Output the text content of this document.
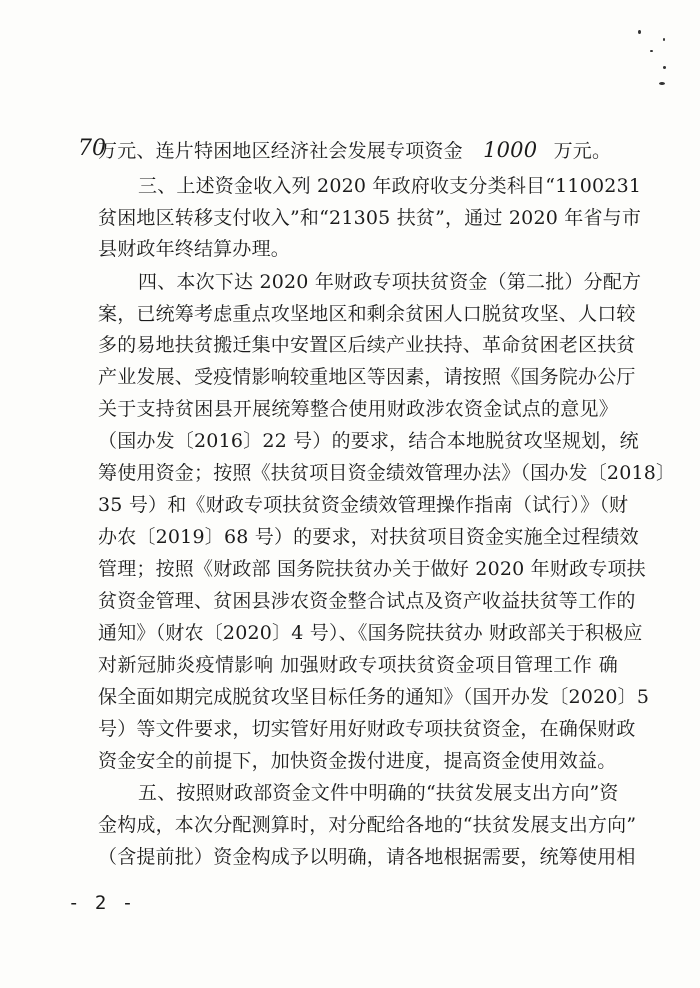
70
万元、连片特困地区经济社会发展专项资金 1000 万元。
三、上述资金收入列 2020 年政府收支分类科目“1100231
贫困地区转移支付收入”和“21305 扶贫”，通过 2020 年省与市
县财政年终结算办理。
四、本次下达 2020 年财政专项扶贫资金（第二批）分配方
案，已统筹考虑重点攻坚地区和剩余贫困人口脱贫攻坚、人口较
多的易地扶贫搬迁集中安置区后续产业扶持、革命贫困老区扶贫
产业发展、受疫情影响较重地区等因素，请按照《国务院办公厅
关于支持贫困县开展统筹整合使用财政涉农资金试点的意见》
（国办发〔2016〕22 号）的要求，结合本地脱贫攻坚规划，统
筹使用资金；按照《扶贫项目资金绩效管理办法》（国办发〔2018〕
35 号）和《财政专项扶贫资金绩效管理操作指南（试行）》（财
办农〔2019〕68 号）的要求，对扶贫项目资金实施全过程绩效
管理；按照《财政部 国务院扶贫办关于做好 2020 年财政专项扶
贫资金管理、贫困县涉农资金整合试点及资产收益扶贫等工作的
通知》（财农〔2020〕4 号）、《国务院扶贫办 财政部关于积极应
对新冠肺炎疫情影响 加强财政专项扶贫资金项目管理工作 确
保全面如期完成脱贫攻坚目标任务的通知》（国开办发〔2020〕5
号）等文件要求，切实管好用好财政专项扶贫资金，在确保财政
资金安全的前提下，加快资金拨付进度，提高资金使用效益。
五、按照财政部资金文件中明确的“扶贫发展支出方向”资
金构成，本次分配测算时，对分配给各地的“扶贫发展支出方向”
（含提前批）资金构成予以明确，请各地根据需要，统筹使用相
- 2 -
